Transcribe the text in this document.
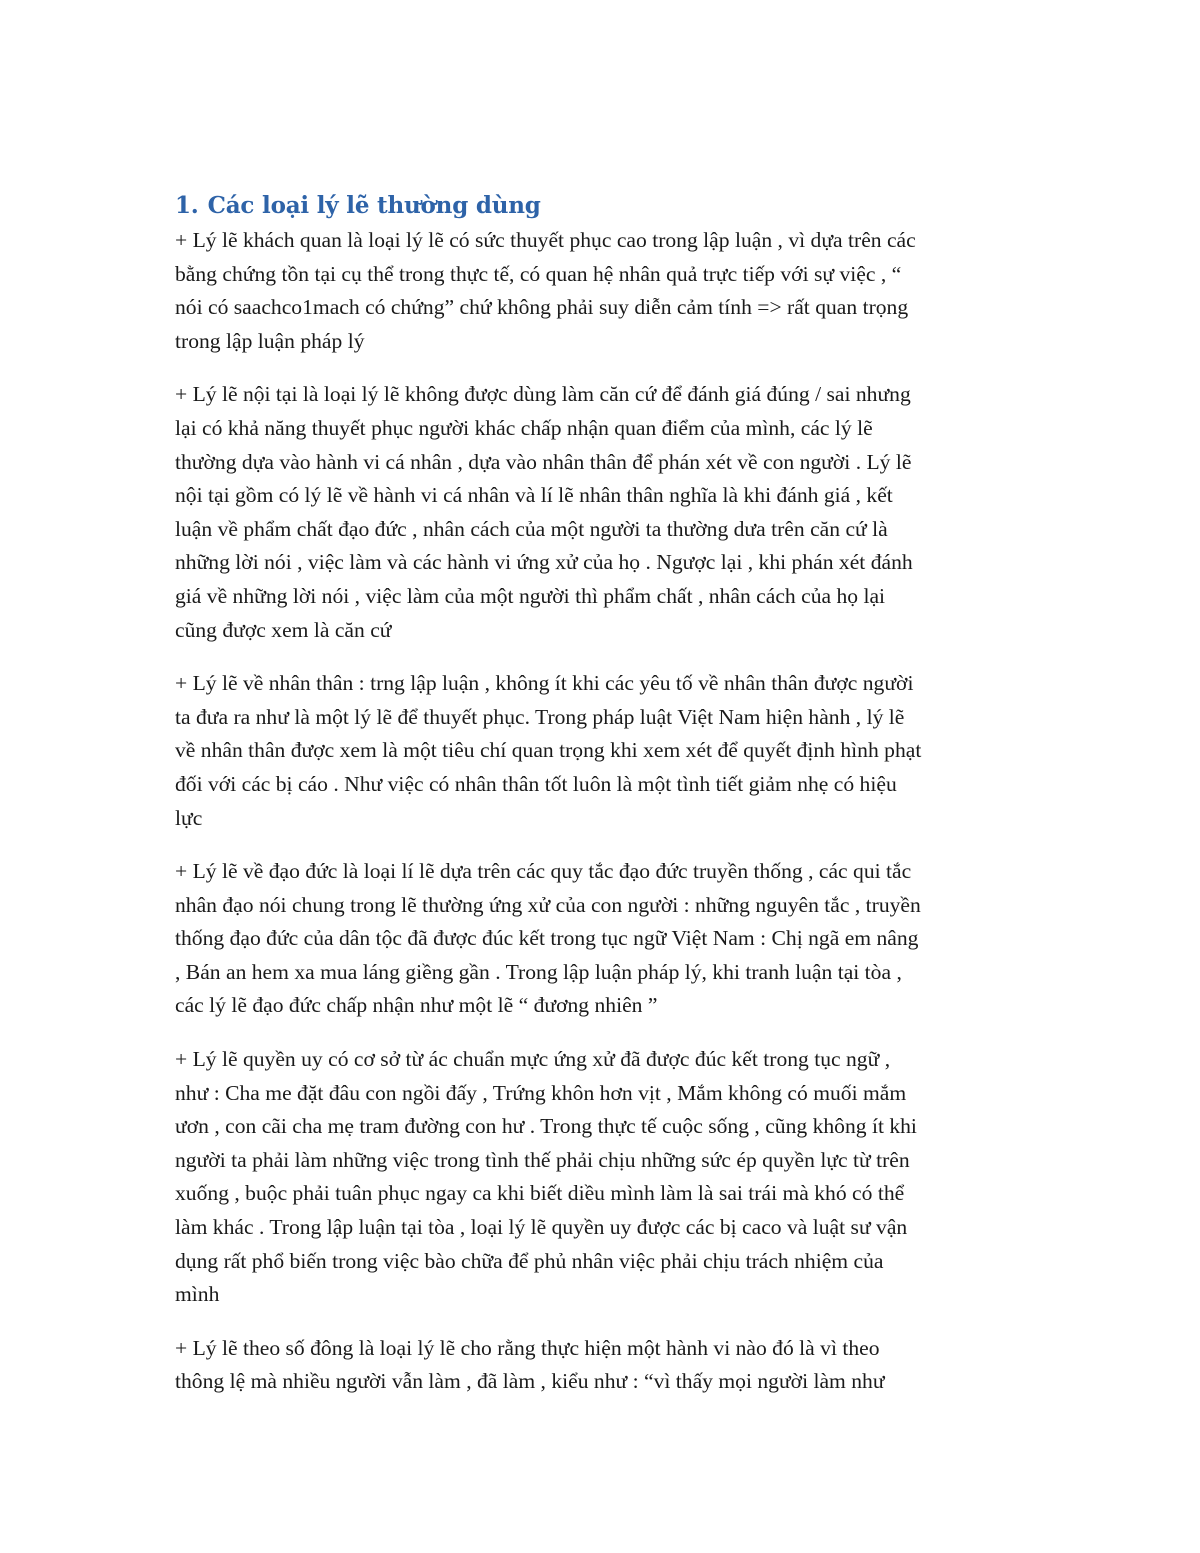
1. Các loại lý lẽ thường dùng

+ Lý lẽ khách quan là loại lý lẽ có sức thuyết phục cao trong lập luận , vì dựa trên các
bằng chứng tồn tại cụ thể trong thực tế, có quan hệ nhân quả trực tiếp với sự việc , “
nói có saachco1mach có chứng” chứ không phải suy diễn cảm tính => rất quan trọng
trong lập luận pháp lý

+ Lý lẽ nội tại là loại lý lẽ không được dùng làm căn cứ để đánh giá đúng / sai nhưng
lại có khả năng thuyết phục người khác chấp nhận quan điểm của mình, các lý lẽ
thường dựa vào hành vi cá nhân , dựa vào nhân thân để phán xét về con người . Lý lẽ
nội tại gồm có lý lẽ về hành vi cá nhân và lí lẽ nhân thân nghĩa là khi đánh giá , kết
luận về phẩm chất đạo đức , nhân cách của một người ta thường dưa trên căn cứ là
những lời nói , việc làm và các hành vi ứng xử của họ . Ngược lại , khi phán xét đánh
giá về những lời nói , việc làm của một người thì phẩm chất , nhân cách của họ lại
cũng được xem là căn cứ

+ Lý lẽ về nhân thân : trng lập luận , không ít khi các yêu tố về nhân thân được người
ta đưa ra như là một lý lẽ để thuyết phục. Trong pháp luật Việt Nam hiện hành , lý lẽ
về nhân thân được xem là một tiêu chí quan trọng khi xem xét để quyết định hình phạt
đối với các bị cáo . Như việc có nhân thân tốt luôn là một tình tiết giảm nhẹ có hiệu
lực

+ Lý lẽ về đạo đức là loại lí lẽ dựa trên các quy tắc đạo đức truyền thống , các qui tắc
nhân đạo nói chung trong lẽ thường ứng xử của con người : những nguyên tắc , truyền
thống đạo đức của dân tộc đã được đúc kết trong tục ngữ Việt Nam : Chị ngã em nâng
, Bán an hem xa mua láng giềng gần . Trong lập luận pháp lý, khi tranh luận tại tòa ,
các lý lẽ đạo đức chấp nhận như một lẽ “ đương nhiên ”

+ Lý lẽ quyền uy có cơ sở từ ác chuẩn mực ứng xử đã được đúc kết trong tục ngữ ,
như : Cha me đặt đâu con ngồi đấy , Trứng khôn hơn vịt , Mắm không có muối mắm
ươn , con cãi cha mẹ tram đường con hư . Trong thực tế cuộc sống , cũng không ít khi
người ta phải làm những việc trong tình thế phải chịu những sức ép quyền lực từ trên
xuống , buộc phải tuân phục ngay ca khi biết diều mình làm là sai trái mà khó có thể
làm khác . Trong lập luận tại tòa , loại lý lẽ quyền uy được các bị caco và luật sư vận
dụng rất phổ biến trong việc bào chữa để phủ nhân việc phải chịu trách nhiệm của
mình

+ Lý lẽ theo số đông là loại lý lẽ cho rằng thực hiện một hành vi nào đó là vì theo
thông lệ mà nhiều người vẫn làm , đã làm , kiểu như : “vì thấy mọi người làm như
